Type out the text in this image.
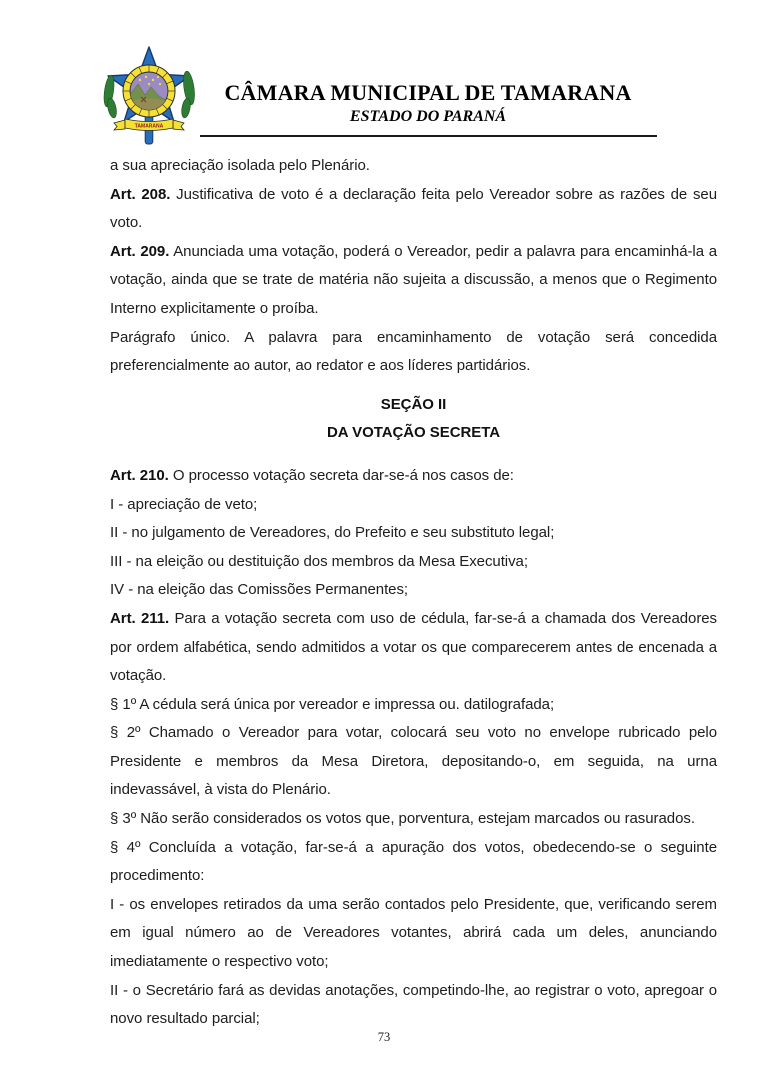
TAMARANA
CÂMARA MUNICIPAL DE TAMARANA
ESTADO DO PARANÁ

a sua apreciação isolada pelo Plenário.

Art. 208. Justificativa de voto é a declaração feita pelo Vereador sobre as razões de seu voto.

Art. 209. Anunciada uma votação, poderá o Vereador, pedir a palavra para encaminhá-la a votação, ainda que se trate de matéria não sujeita a discussão, a menos que o Regimento Interno explicitamente o proíba.

Parágrafo único. A palavra para encaminhamento de votação será concedida preferencialmente ao autor, ao redator e aos líderes partidários.

SEÇÃO II
DA VOTAÇÃO SECRETA

Art. 210. O processo votação secreta dar-se-á nos casos de:

I - apreciação de veto;

II - no julgamento de Vereadores, do Prefeito e seu substituto legal;

III - na eleição ou destituição dos membros da Mesa Executiva;

IV - na eleição das Comissões Permanentes;

Art. 211. Para a votação secreta com uso de cédula, far-se-á a chamada dos Vereadores por ordem alfabética, sendo admitidos a votar os que comparecerem antes de encenada a votação.

§ 1º A cédula será única por vereador e impressa ou. datilografada;

§ 2º Chamado o Vereador para votar, colocará seu voto no envelope rubricado pelo Presidente e membros da Mesa Diretora, depositando-o, em seguida, na urna indevassável, à vista do Plenário.

§ 3º Não serão considerados os votos que, porventura, estejam marcados ou rasurados.

§ 4º Concluída a votação, far-se-á a apuração dos votos, obedecendo-se o seguinte procedimento:

I - os envelopes retirados da uma serão contados pelo Presidente, que, verificando serem em igual número ao de Vereadores votantes, abrirá cada um deles, anunciando imediatamente o respectivo voto;

II - o Secretário fará as devidas anotações, competindo-lhe, ao registrar o voto, apregoar o novo resultado parcial;

73
